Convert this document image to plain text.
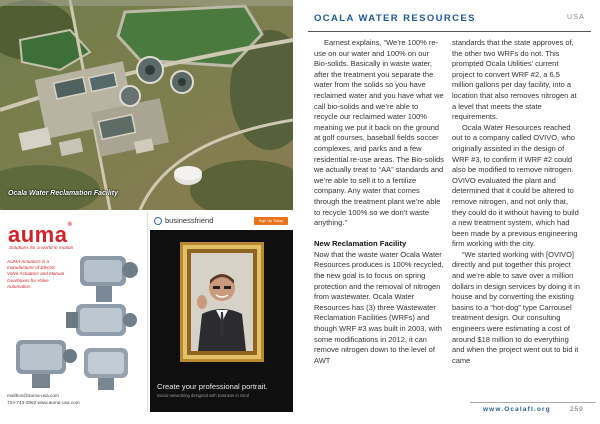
Ocala Water Reclamation Facility
auma®
Solutions for a world in motion
AUMA Actuators is a manufacturer of Electric Valve Actuators and Manual Gearboxes for Valve Automation.
mailbox@auma-usa.com
724-743-2862 www.auma-usa.com
businessfriend	Sign Up Today
Create your professional portrait.
Social networking designed with business in mind
OCALA WATER RESOURCES	USA

Earnest explains, “We’re 100% re-use on our water and 100% on our Bio-solids. Basically in waste water, after the treatment you separate the water from the solids so you have reclaimed water and you have what we call bio-solids and we’re able to recycle our reclaimed water 100% meaning we put it back on the ground at golf courses, baseball fields soccer complexes, and parks and a few residential re-use areas. The Bio-solids we actually treat to “AA” standards and we’re able to sell it to a fertilize company. Any water that comes through the treatment plant we’re able to recycle 100% so we don’t waste anything.”

New Reclamation Facility

Now that the waste water Ocala Water Resources produces is 100% recycled, the new goal is to focus on spring protection and the removal of nitrogen from wastewater. Ocala Water Resources has (3) three Wastewater Reclamation Facilities (WRFs) and though WRF #3 was built in 2003, with some modifications in 2012, it can remove nitrogen down to the level of AWT

standards that the state approves of, the other two WRFs do not. This prompted Ocala Utilities’ current project to convert WRF #2, a 6.5 million gallons per day facility, into a location that also removes nitrogen at a level that meets the state requirements.

Ocala Water Resources reached out to a company called OVIVO, who originally assisted in the design of WRF #3, to confirm if WRF #2 could also be modified to remove nitrogen. OVIVO evaluated the plant and determined that it could be altered to remove nitrogen, and not only that, they could do it without having to build a new treatment system, which had been made by a previous engineering firm working with the city.

“We started working with [OVIVO] directly and put together this project and we’re able to save over a million dollars in design services by doing it in house and by converting the existing basins to a “hot-dog” type Carrousel treatment design. Our consulting engineers were estimating a cost of around $18 million to do everything and when the project went out to bid it came

www.Ocalafl.org	259
